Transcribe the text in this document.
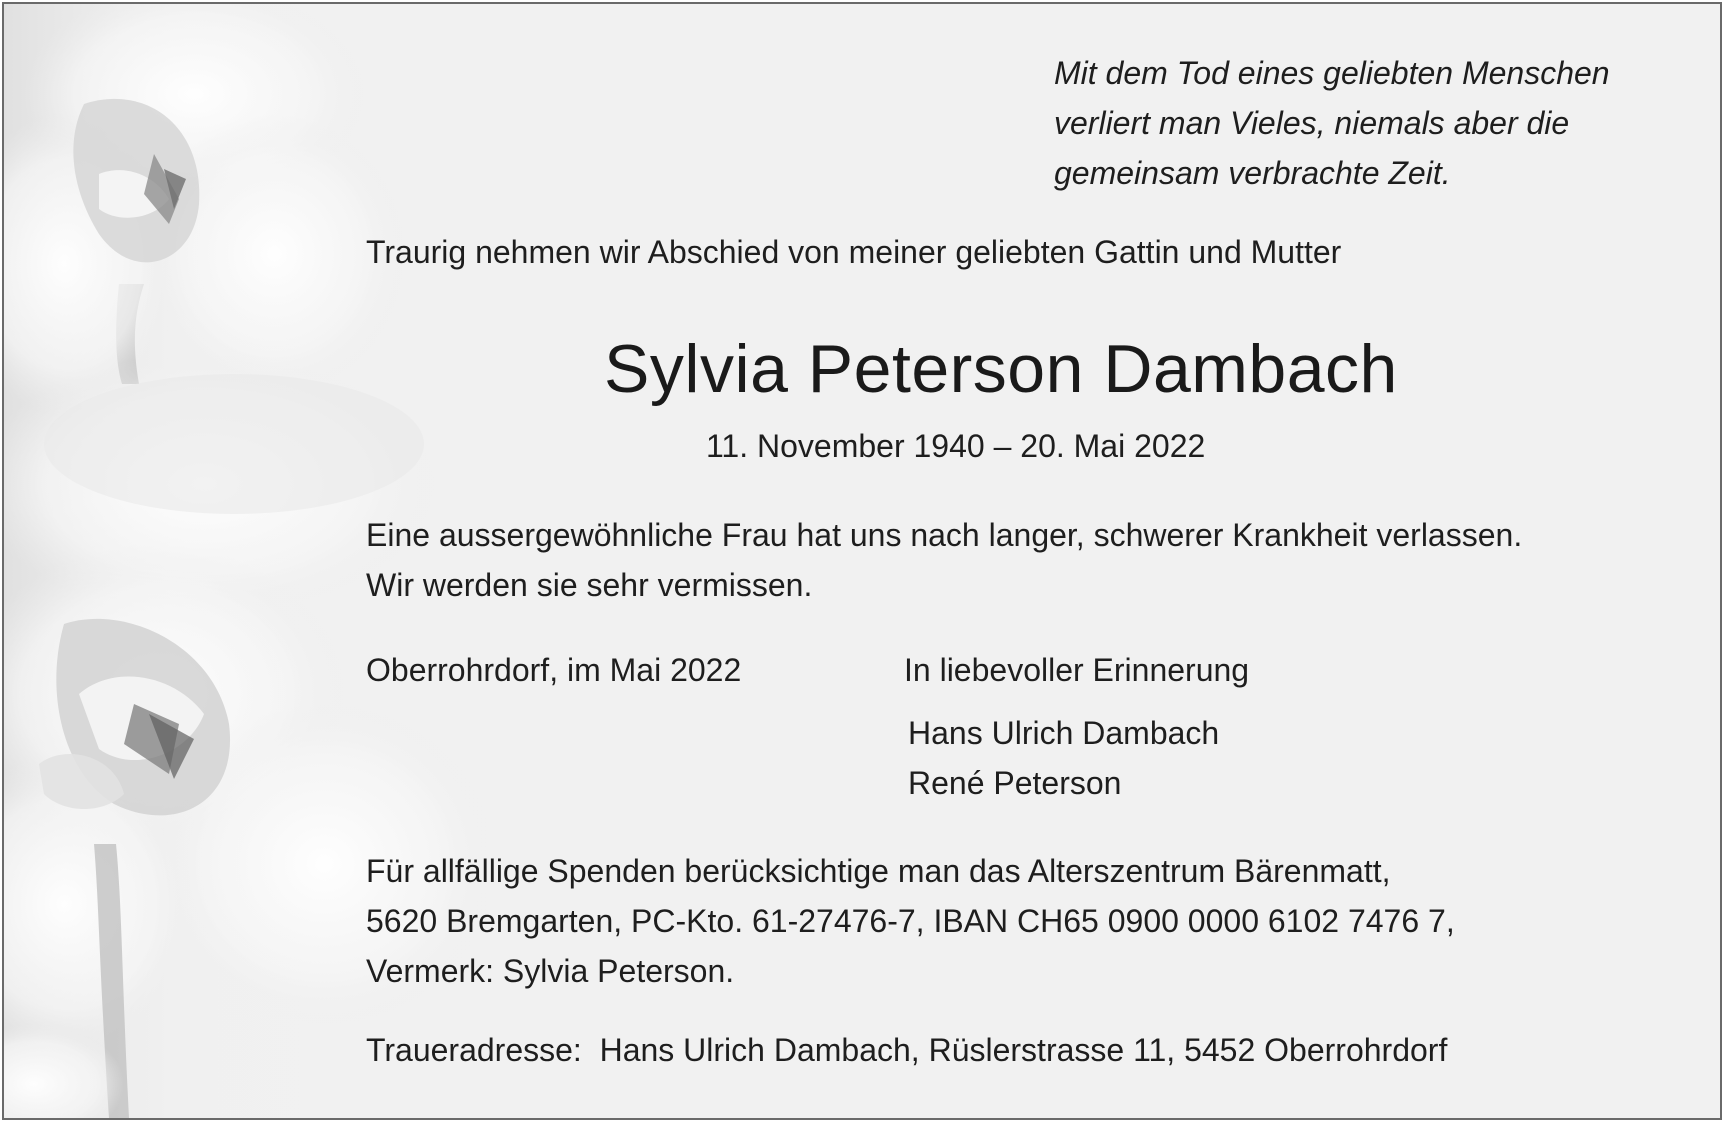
Mit dem Tod eines geliebten Menschen
verliert man Vieles, niemals aber die
gemeinsam verbrachte Zeit.
Traurig nehmen wir Abschied von meiner geliebten Gattin und Mutter
Sylvia Peterson Dambach
11. November 1940 – 20. Mai 2022
Eine aussergewöhnliche Frau hat uns nach langer, schwerer Krankheit verlassen.
Wir werden sie sehr vermissen.
Oberrohrdorf, im Mai 2022	In liebevoller Erinnerung
Hans Ulrich Dambach
René Peterson
Für allfällige Spenden berücksichtige man das Alterszentrum Bärenmatt,
5620 Bremgarten, PC-Kto. 61-27476-7, IBAN CH65 0900 0000 6102 7476 7,
Vermerk: Sylvia Peterson.
Traueradresse:  Hans Ulrich Dambach, Rüslerstrasse 11, 5452 Oberrohrdorf
